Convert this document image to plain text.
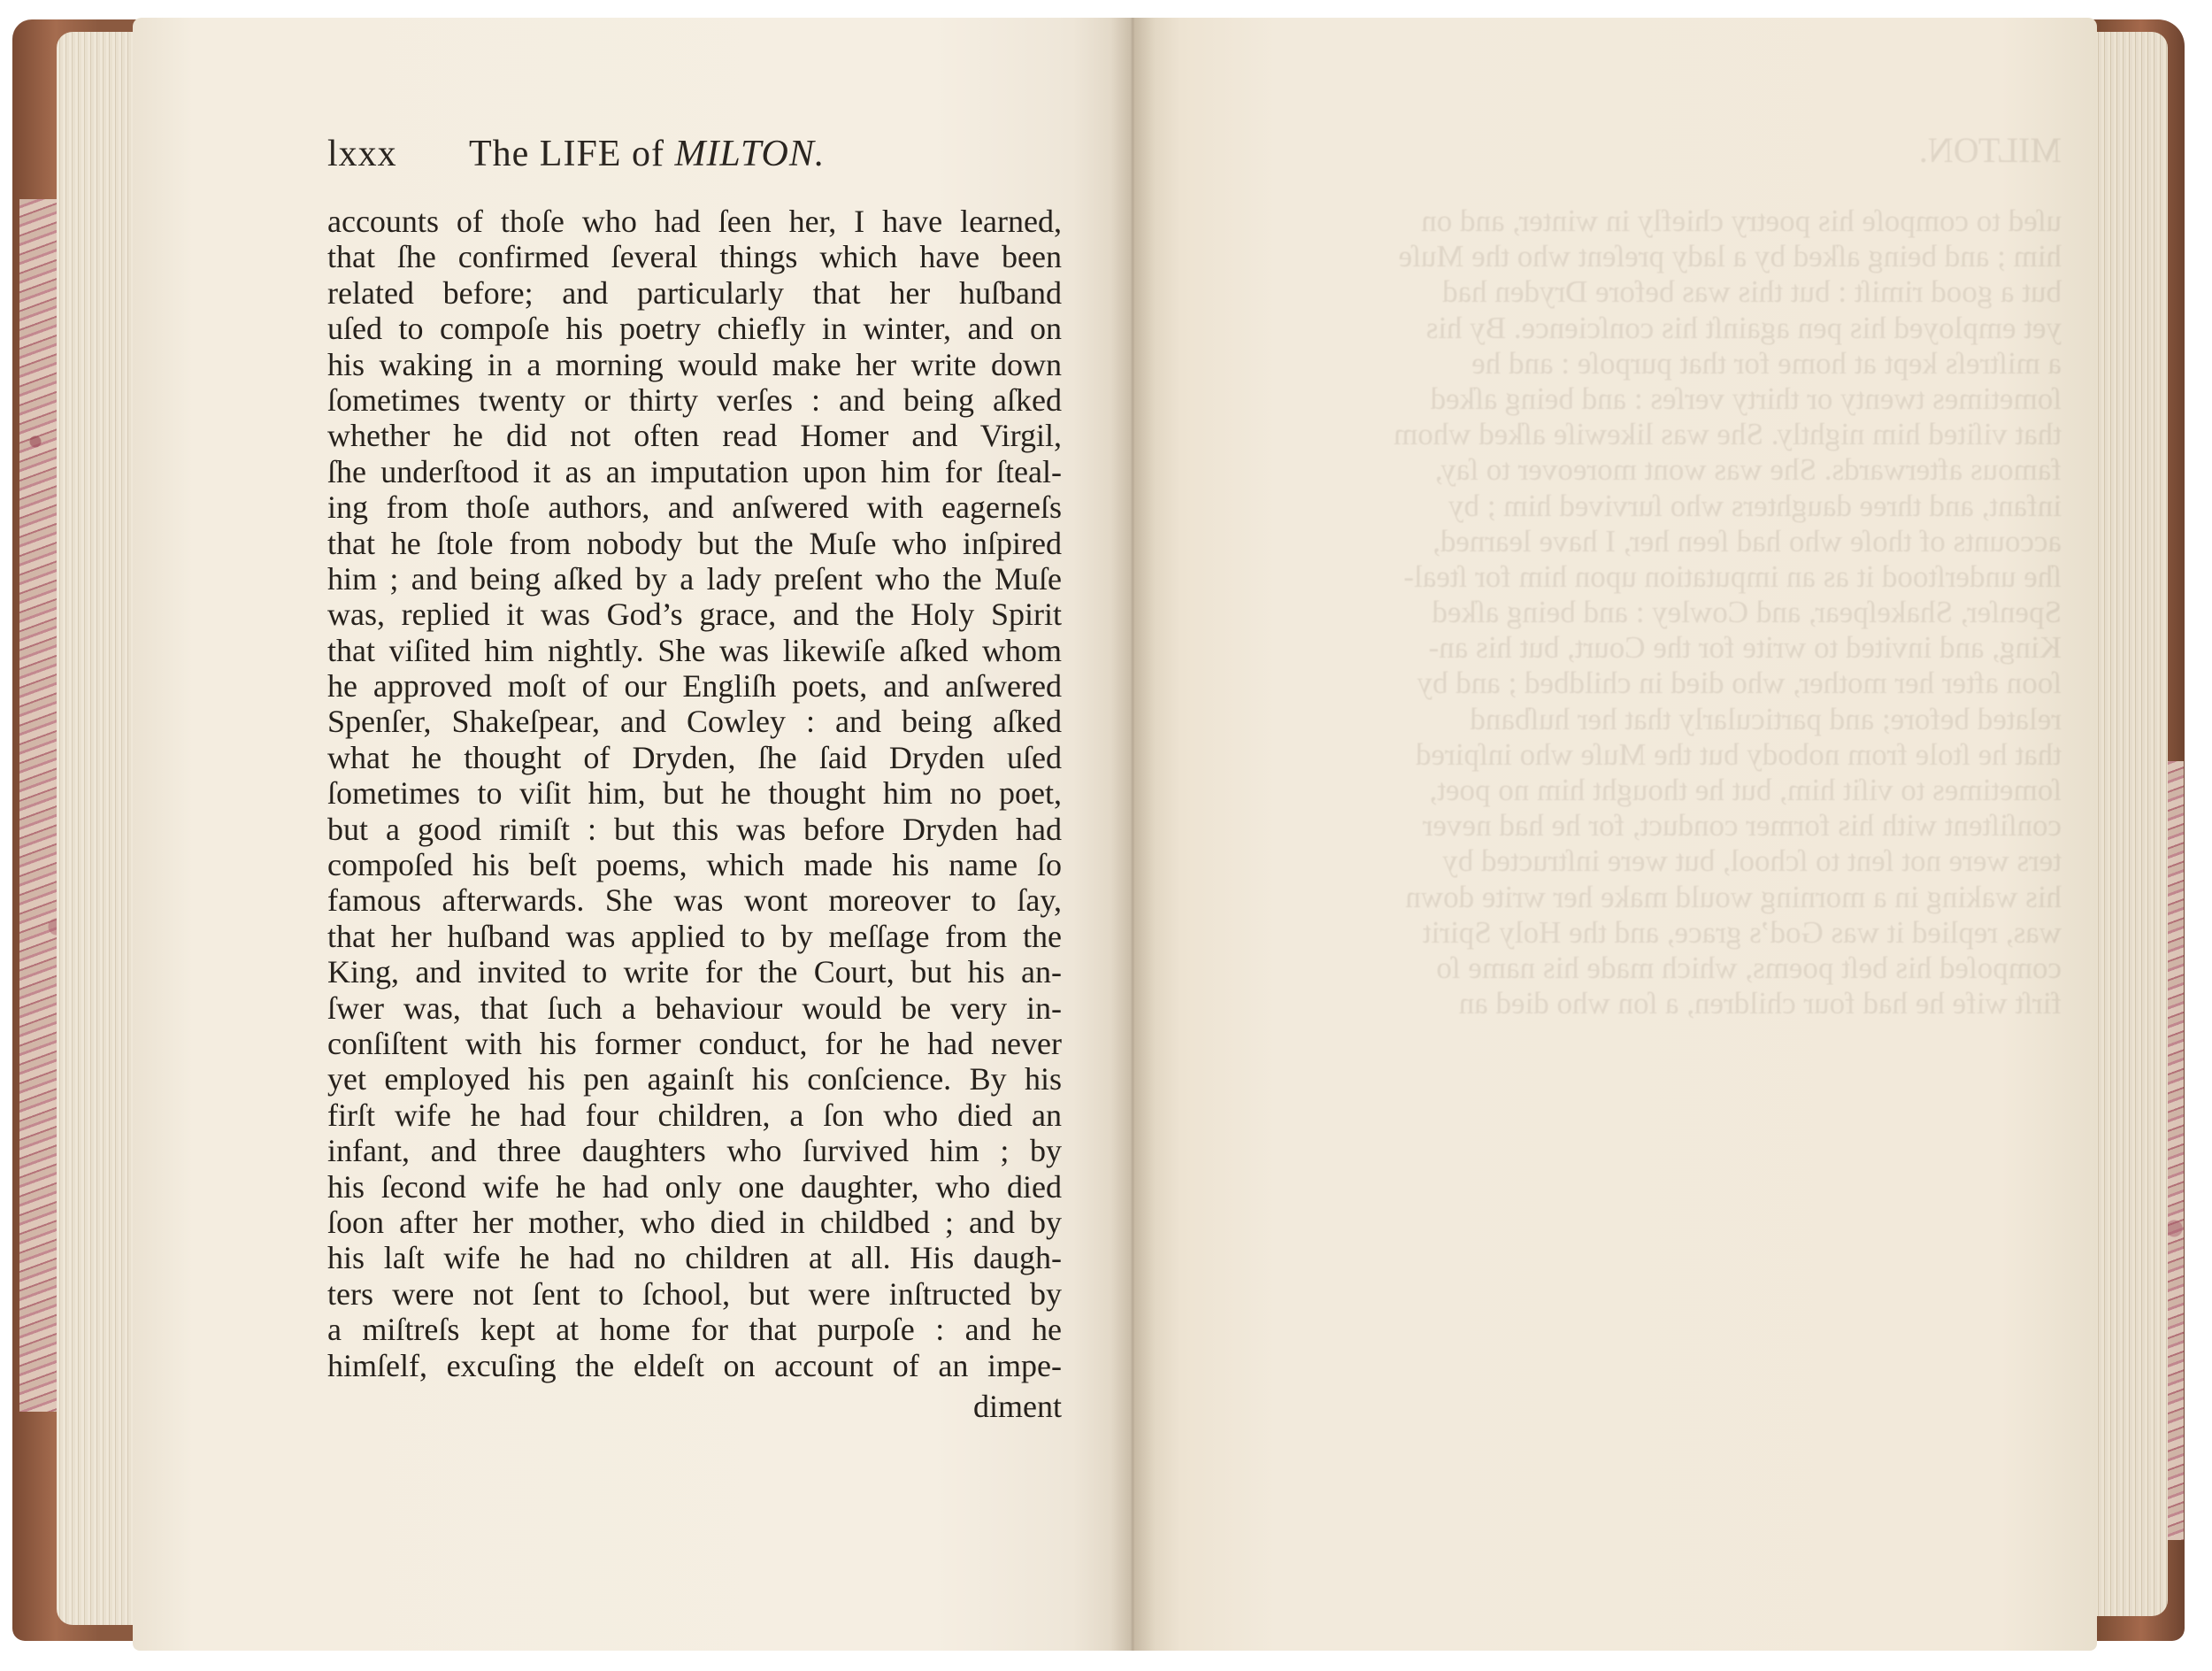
lxxx The LIFE of MILTON.
accounts of thoſe who had ſeen her, I have learned,
that ſhe confirmed ſeveral things which have been
related before; and particularly that her huſband
uſed to compoſe his poetry chiefly in winter, and on
his waking in a morning would make her write down
ſometimes twenty or thirty verſes : and being aſked
whether he did not often read Homer and Virgil,
ſhe underſtood it as an imputation upon him for ſteal-
ing from thoſe authors, and anſwered with eagerneſs
that he ſtole from nobody but the Muſe who inſpired
him ; and being aſked by a lady preſent who the Muſe
was, replied it was God’s grace, and the Holy Spirit
that viſited him nightly. She was likewiſe aſked whom
he approved moſt of our Engliſh poets, and anſwered
Spenſer, Shakeſpear, and Cowley : and being aſked
what he thought of Dryden, ſhe ſaid Dryden uſed
ſometimes to viſit him, but he thought him no poet,
but a good rimiſt : but this was before Dryden had
compoſed his beſt poems, which made his name ſo
famous afterwards. She was wont moreover to ſay,
that her huſband was applied to by meſſage from the
King, and invited to write for the Court, but his an-
ſwer was, that ſuch a behaviour would be very in-
conſiſtent with his former conduct, for he had never
yet employed his pen againſt his conſcience. By his
firſt wife he had four children, a ſon who died an
infant, and three daughters who ſurvived him ; by
his ſecond wife he had only one daughter, who died
ſoon after her mother, who died in childbed ; and by
his laſt wife he had no children at all. His daugh-
ters were not ſent to ſchool, but were inſtructed by
a miſtreſs kept at home for that purpoſe : and he
himſelf, excuſing the eldeſt on account of an impe-
diment
MILTON.
uſed to compoſe his poetry chiefly in winter, and on
him ; and being aſked by a lady preſent who the Muſe
but a good rimiſt : but this was before Dryden had
yet employed his pen againſt his conſcience. By his
a miſtreſs kept at home for that purpoſe : and he
ſometimes twenty or thirty verſes : and being aſked
that viſited him nightly. She was likewiſe aſked whom
famous afterwards. She was wont moreover to ſay,
infant, and three daughters who ſurvived him ; by
accounts of thoſe who had ſeen her, I have learned,
ſhe underſtood it as an imputation upon him for ſteal-
Spenſer, Shakeſpear, and Cowley : and being aſked
King, and invited to write for the Court, but his an-
ſoon after her mother, who died in childbed ; and by
related before; and particularly that her huſband
that he ſtole from nobody but the Muſe who inſpired
ſometimes to viſit him, but he thought him no poet,
conſiſtent with his former conduct, for he had never
ters were not ſent to ſchool, but were inſtructed by
his waking in a morning would make her write down
was, replied it was God’s grace, and the Holy Spirit
compoſed his beſt poems, which made his name ſo
firſt wife he had four children, a ſon who died an
